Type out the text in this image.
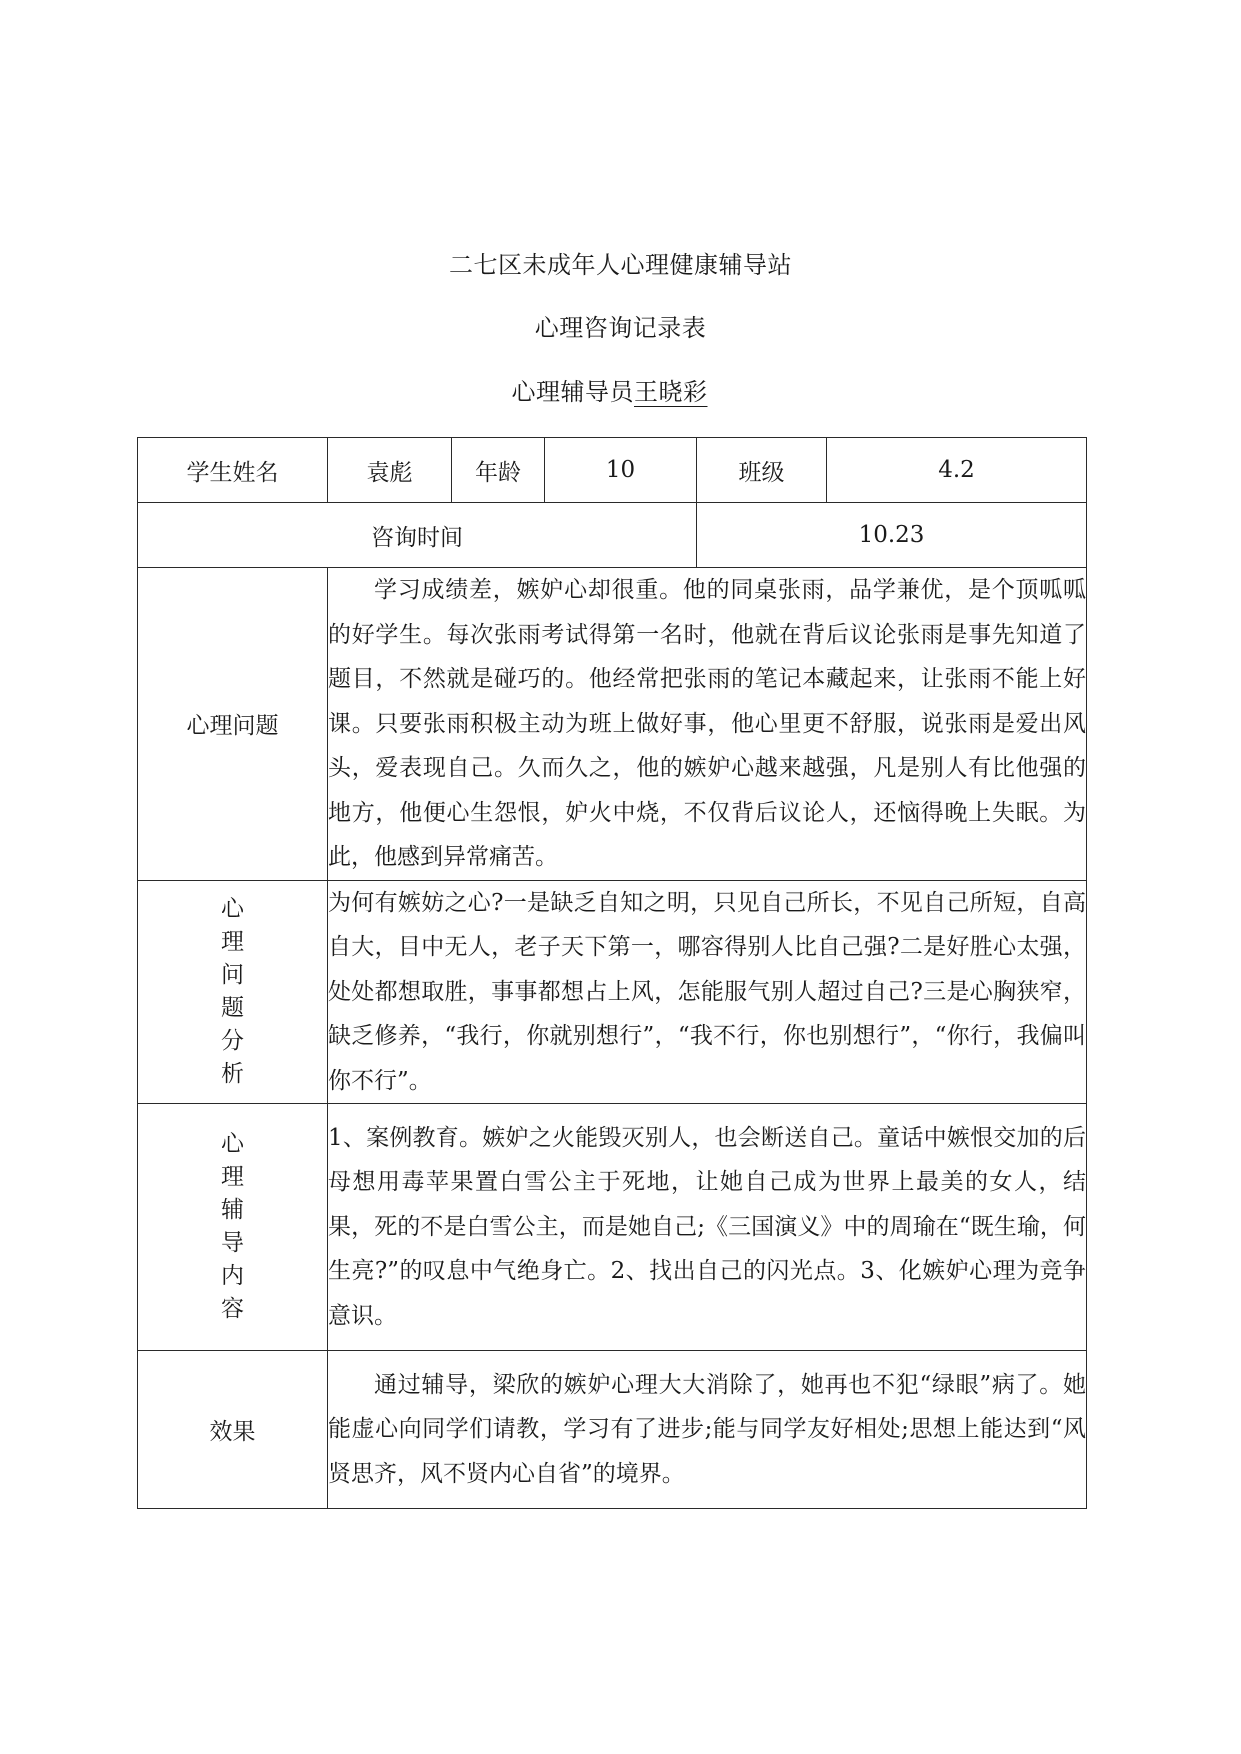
二七区未成年人心理健康辅导站
心理咨询记录表
心理辅导员王晓彩
学生姓名	袁彪	年龄	10	班级	4.2
咨询时间				10.23	
心理问题	学习成绩差，嫉妒心却很重。他的同桌张雨，品学兼优，是个顶呱呱的好学生。每次张雨考试得第一名时，他就在背后议论张雨是事先知道了题目，不然就是碰巧的。他经常把张雨的笔记本藏起来，让张雨不能上好课。只要张雨积极主动为班上做好事，他心里更不舒服，说张雨是爱出风头，爱表现自己。久而久之，他的嫉妒心越来越强，凡是别人有比他强的地方，他便心生怨恨，妒火中烧，不仅背后议论人，还恼得晚上失眠。为此，他感到异常痛苦。				

心理问题分析	为何有嫉妨之心?一是缺乏自知之明，只见自己所长，不见自己所短，自高自大，目中无人，老子天下第一，哪容得别人比自己强?二是好胜心太强，处处都想取胜，事事都想占上风，怎能服气别人超过自己?三是心胸狭窄，缺乏修养，“我行，你就别想行”，“我不行，你也别想行”，“你行，我偏叫你不行”。				

心理辅导内容	1、案例教育。嫉妒之火能毁灭别人，也会断送自己。童话中嫉恨交加的后母想用毒苹果置白雪公主于死地，让她自己成为世界上最美的女人，结果，死的不是白雪公主，而是她自己;《三国演义》中的周瑜在“既生瑜，何生亮?”的叹息中气绝身亡。2、找出自己的闪光点。3、化嫉妒心理为竞争意识。				

效果	通过辅导，梁欣的嫉妒心理大大消除了，她再也不犯“绿眼”病了。她能虚心向同学们请教，学习有了进步;能与同学友好相处;思想上能达到“风贤思齐，风不贤内心自省”的境界。				
